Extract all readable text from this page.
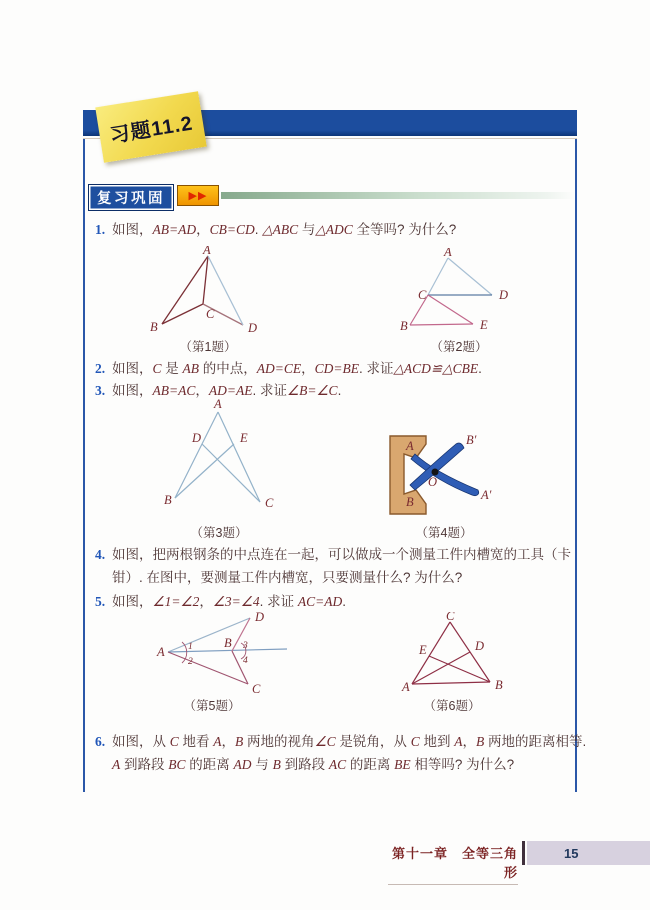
习题11.2
复习巩固	▶▶
1. 如图，AB=AD，CB=CD. △ABC 与△ADC 全等吗? 为什么?
2. 如图，C 是 AB 的中点，AD=CE，CD=BE. 求证△ACD≌△CBE.
3. 如图，AB=AC，AD=AE. 求证∠B=∠C.
4. 如图，把两根钢条的中点连在一起，可以做成一个测量工件内槽宽的工具（卡
钳）. 在图中，要测量工件内槽宽，只要测量什么? 为什么?
5. 如图，∠1=∠2，∠3=∠4. 求证 AC=AD.
6. 如图，从 C 地看 A，B 两地的视角∠C 是锐角，从 C 地到 A，B 两地的距离相等.
A 到路段 BC 的距离 AD 与 B 到路段 AC 的距离 BE 相等吗? 为什么?
A
B
C
D
（第1题）
A
C	D
B	E
（第2题）
A
D	E
B	C
（第3题）
A
B
B′
A′
O
（第4题）
A
B
D
C
1
2
3
4
（第5题）
C
E	D
A	B
（第6题）
第十一章　全等三角形
15
